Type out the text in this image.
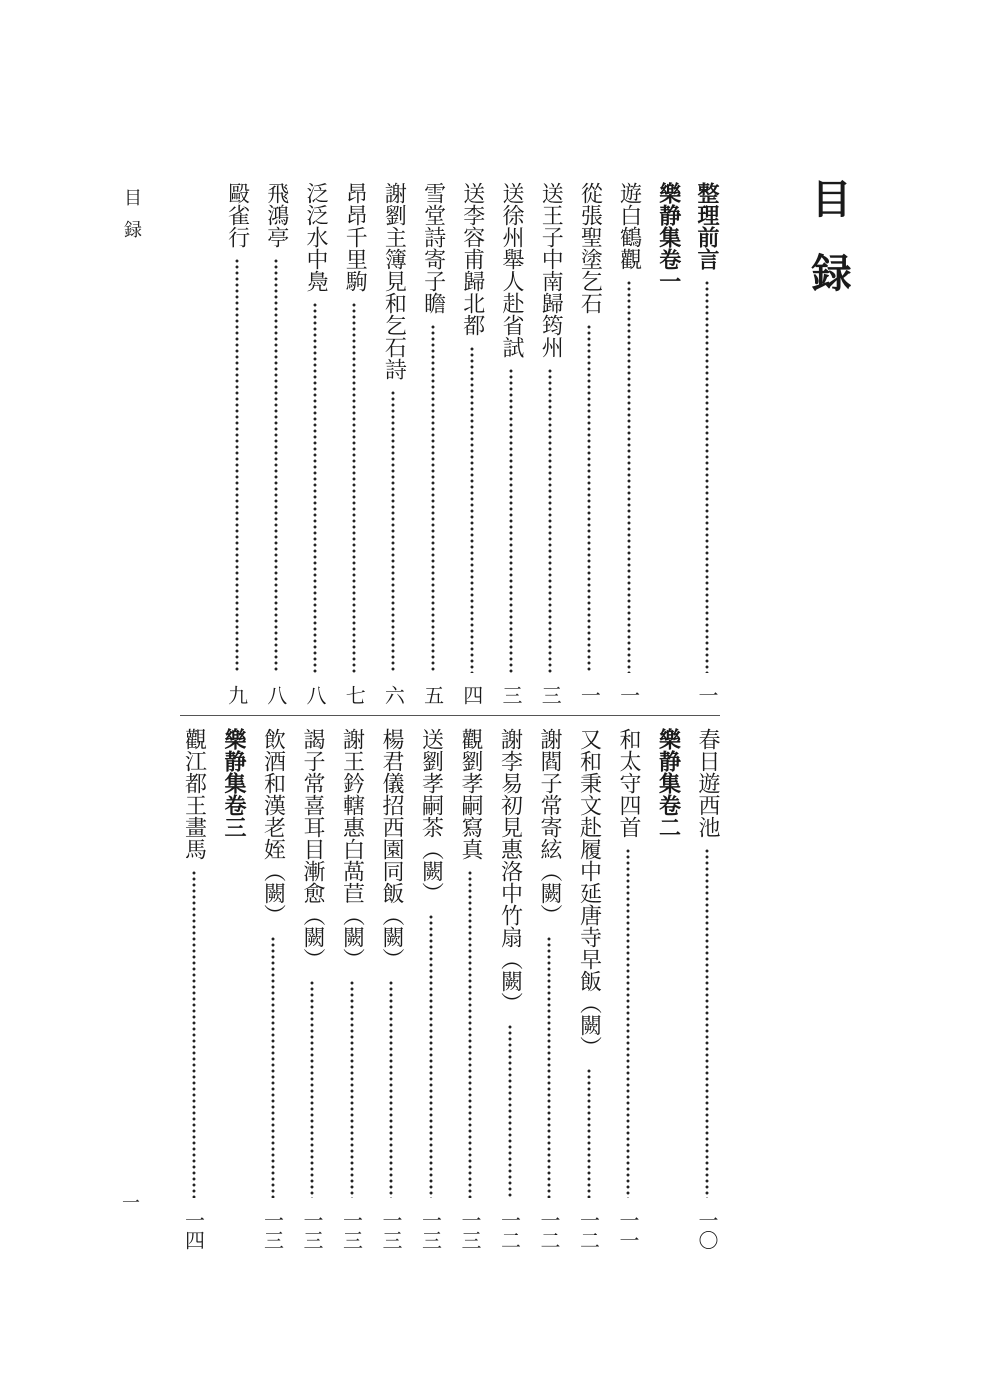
目録
目録
一
整理前言
一
樂静集卷一
遊白鶴觀
一
從張聖塗乞石
一
送王子中南歸筠州
三
送徐州舉人赴省試
三
送李容甫歸北都
四
雪堂詩寄子瞻
五
謝劉主簿見和乞石詩
六
昂昂千里駒
七
泛泛水中鳧
八
飛鴻亭
八
毆雀行
九
春日遊西池
一〇
樂静集卷二
和太守四首
一一
又和秉文赴履中延唐寺早飯（闕）
一二
謝閻子常寄絃（闕）
一二
謝李易初見惠洛中竹扇（闕）
一二
觀劉孝嗣寫真
一三
送劉孝嗣茶（闕）
一三
楊君儀招西園同飯（闕）
一三
謝王鈐轄惠白萵苣（闕）
一三
謁子常喜耳目漸愈（闕）
一三
飲酒和漢老姪（闕）
一三
樂静集卷三
觀江都王畫馬
一四
